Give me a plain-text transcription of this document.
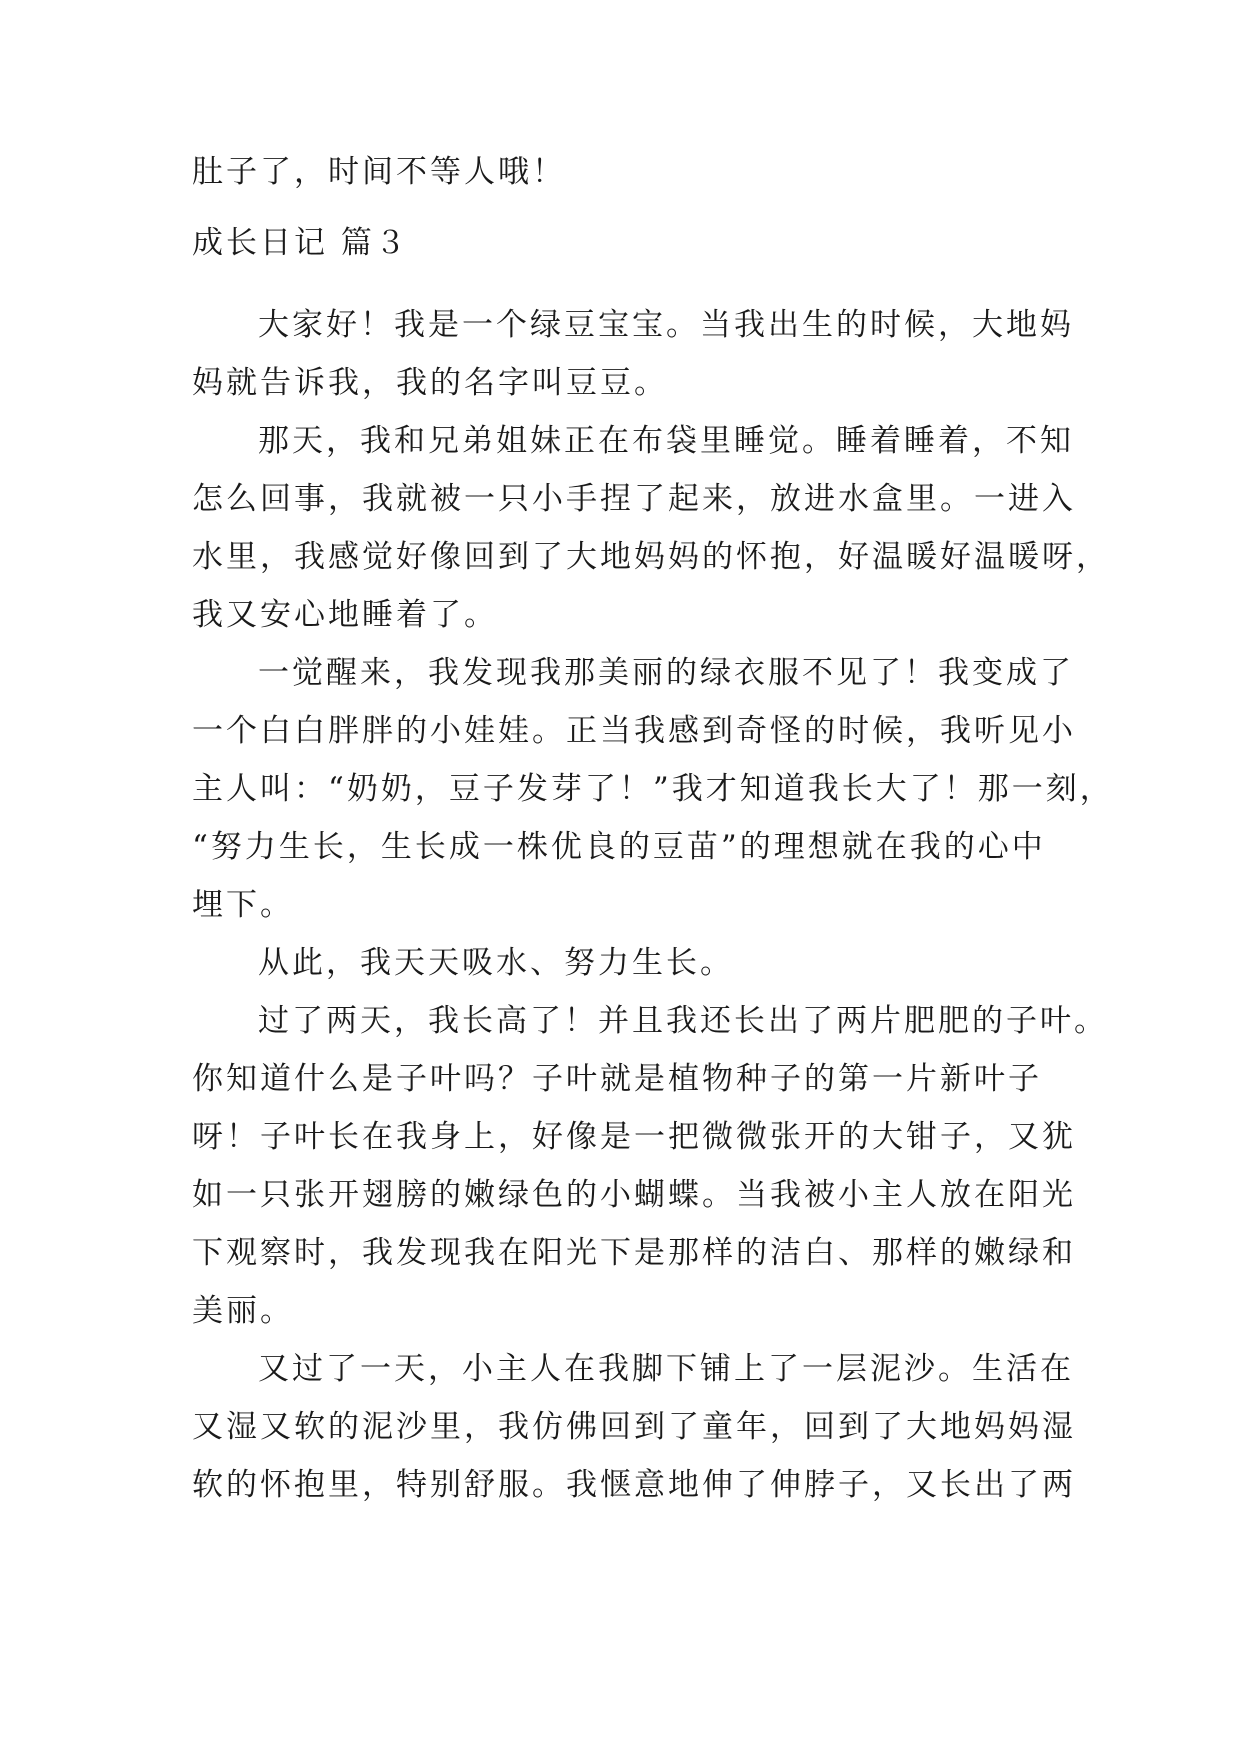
肚子了，时间不等人哦！
成长日记 篇３
大家好！我是一个绿豆宝宝。当我出生的时候，大地妈
妈就告诉我，我的名字叫豆豆。
那天，我和兄弟姐妹正在布袋里睡觉。睡着睡着，不知
怎么回事，我就被一只小手捏了起来，放进水盒里。一进入
水里，我感觉好像回到了大地妈妈的怀抱，好温暖好温暖呀，
我又安心地睡着了。
一觉醒来，我发现我那美丽的绿衣服不见了！我变成了
一个白白胖胖的小娃娃。正当我感到奇怪的时候，我听见小
主人叫：“奶奶，豆子发芽了！”我才知道我长大了！那一刻，
“努力生长，生长成一株优良的豆苗”的理想就在我的心中
埋下。
从此，我天天吸水、努力生长。
过了两天，我长高了！并且我还长出了两片肥肥的子叶。
你知道什么是子叶吗？子叶就是植物种子的第一片新叶子
呀！子叶长在我身上，好像是一把微微张开的大钳子，又犹
如一只张开翅膀的嫩绿色的小蝴蝶。当我被小主人放在阳光
下观察时，我发现我在阳光下是那样的洁白、那样的嫩绿和
美丽。
又过了一天，小主人在我脚下铺上了一层泥沙。生活在
又湿又软的泥沙里，我仿佛回到了童年，回到了大地妈妈湿
软的怀抱里，特别舒服。我惬意地伸了伸脖子，又长出了两
